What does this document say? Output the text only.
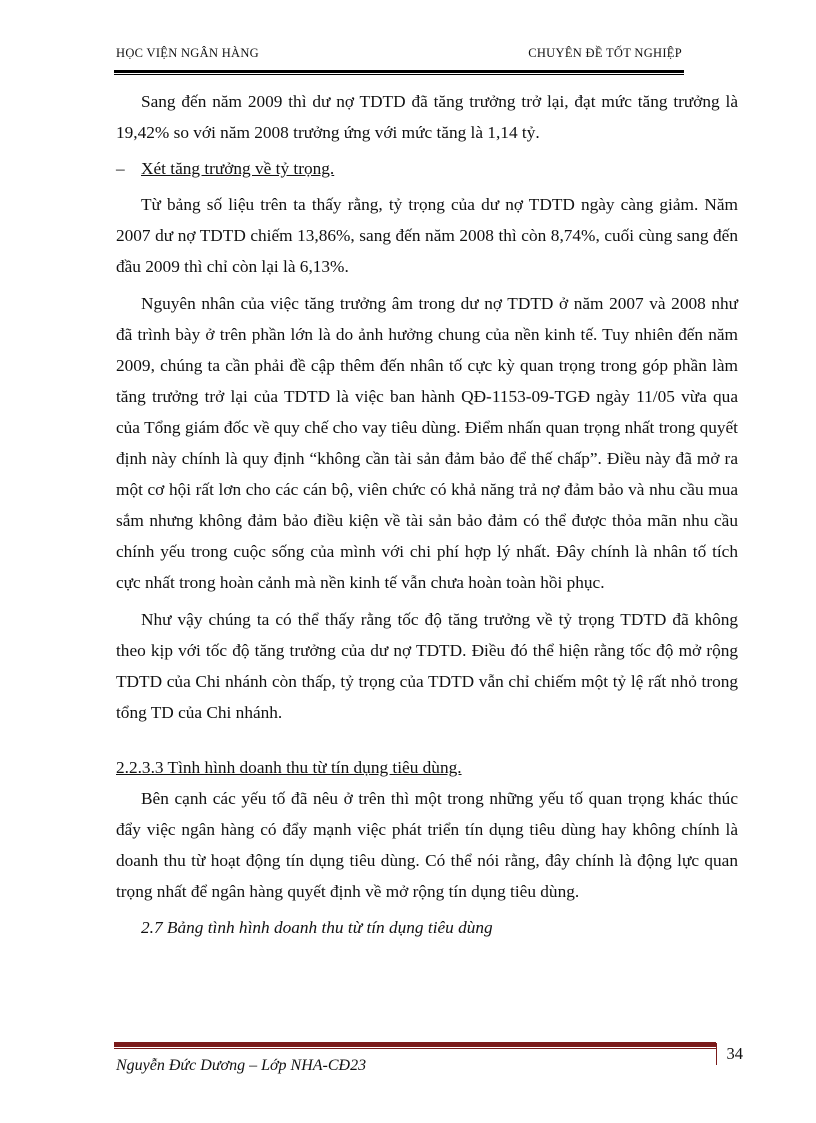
HỌC VIỆN NGÂN HÀNG	CHUYÊN ĐỀ TỐT NGHIỆP

Sang đến năm 2009 thì dư nợ TDTD đã tăng trưởng trở lại, đạt mức tăng trưởng là 19,42% so với năm 2008 trưởng ứng với mức tăng là 1,14 tỷ.

– Xét tăng trưởng về tỷ trọng.

Từ bảng số liệu trên ta thấy rằng, tỷ trọng của dư nợ TDTD ngày càng giảm. Năm 2007 dư nợ TDTD chiếm 13,86%, sang đến năm 2008 thì còn 8,74%, cuối cùng sang đến đầu 2009 thì chỉ còn lại là 6,13%.

Nguyên nhân của việc tăng trưởng âm trong dư nợ TDTD ở năm 2007 và 2008 như đã trình bày ở trên phần lớn là do ảnh hưởng chung của nền kinh tế. Tuy nhiên đến năm 2009, chúng ta cần phải đề cập thêm đến nhân tố cực kỳ quan trọng trong góp phần làm tăng trưởng trở lại của TDTD là việc ban hành QĐ-1153-09-TGĐ ngày 11/05 vừa qua của Tổng giám đốc về quy chế cho vay tiêu dùng. Điểm nhấn quan trọng nhất trong quyết định này chính là quy định “không cần tài sản đảm bảo để thế chấp”. Điều này đã mở ra một cơ hội rất lơn cho các cán bộ, viên chức có khả năng trả nợ đảm bảo và nhu cầu mua sắm nhưng không đảm bảo điều kiện về tài sản bảo đảm có thể được thỏa mãn nhu cầu chính yếu trong cuộc sống của mình với chi phí hợp lý nhất. Đây chính là nhân tố tích cực nhất trong hoàn cảnh mà nền kinh tế vẫn chưa hoàn toàn hồi phục.

Như vậy chúng ta có thể thấy rằng tốc độ tăng trưởng về tỷ trọng TDTD đã không theo kịp với tốc độ tăng trưởng của dư nợ TDTD. Điều đó thể hiện rằng tốc độ mở rộng TDTD của Chi nhánh còn thấp, tỷ trọng của TDTD vẫn chỉ chiếm một tỷ lệ rất nhỏ trong tổng TD của Chi nhánh.

2.2.3.3 Tình hình doanh thu từ tín dụng tiêu dùng.

Bên cạnh các yếu tố đã nêu ở trên thì một trong những yếu tố quan trọng khác thúc đẩy việc ngân hàng có đẩy mạnh việc phát triển tín dụng tiêu dùng hay không chính là doanh thu từ hoạt động tín dụng tiêu dùng. Có thể nói rằng, đây chính là động lực quan trọng nhất để ngân hàng quyết định về mở rộng tín dụng tiêu dùng.

2.7 Bảng tình hình doanh thu từ tín dụng tiêu dùng

34
Nguyễn Đức Dương – Lớp NHA-CĐ23
